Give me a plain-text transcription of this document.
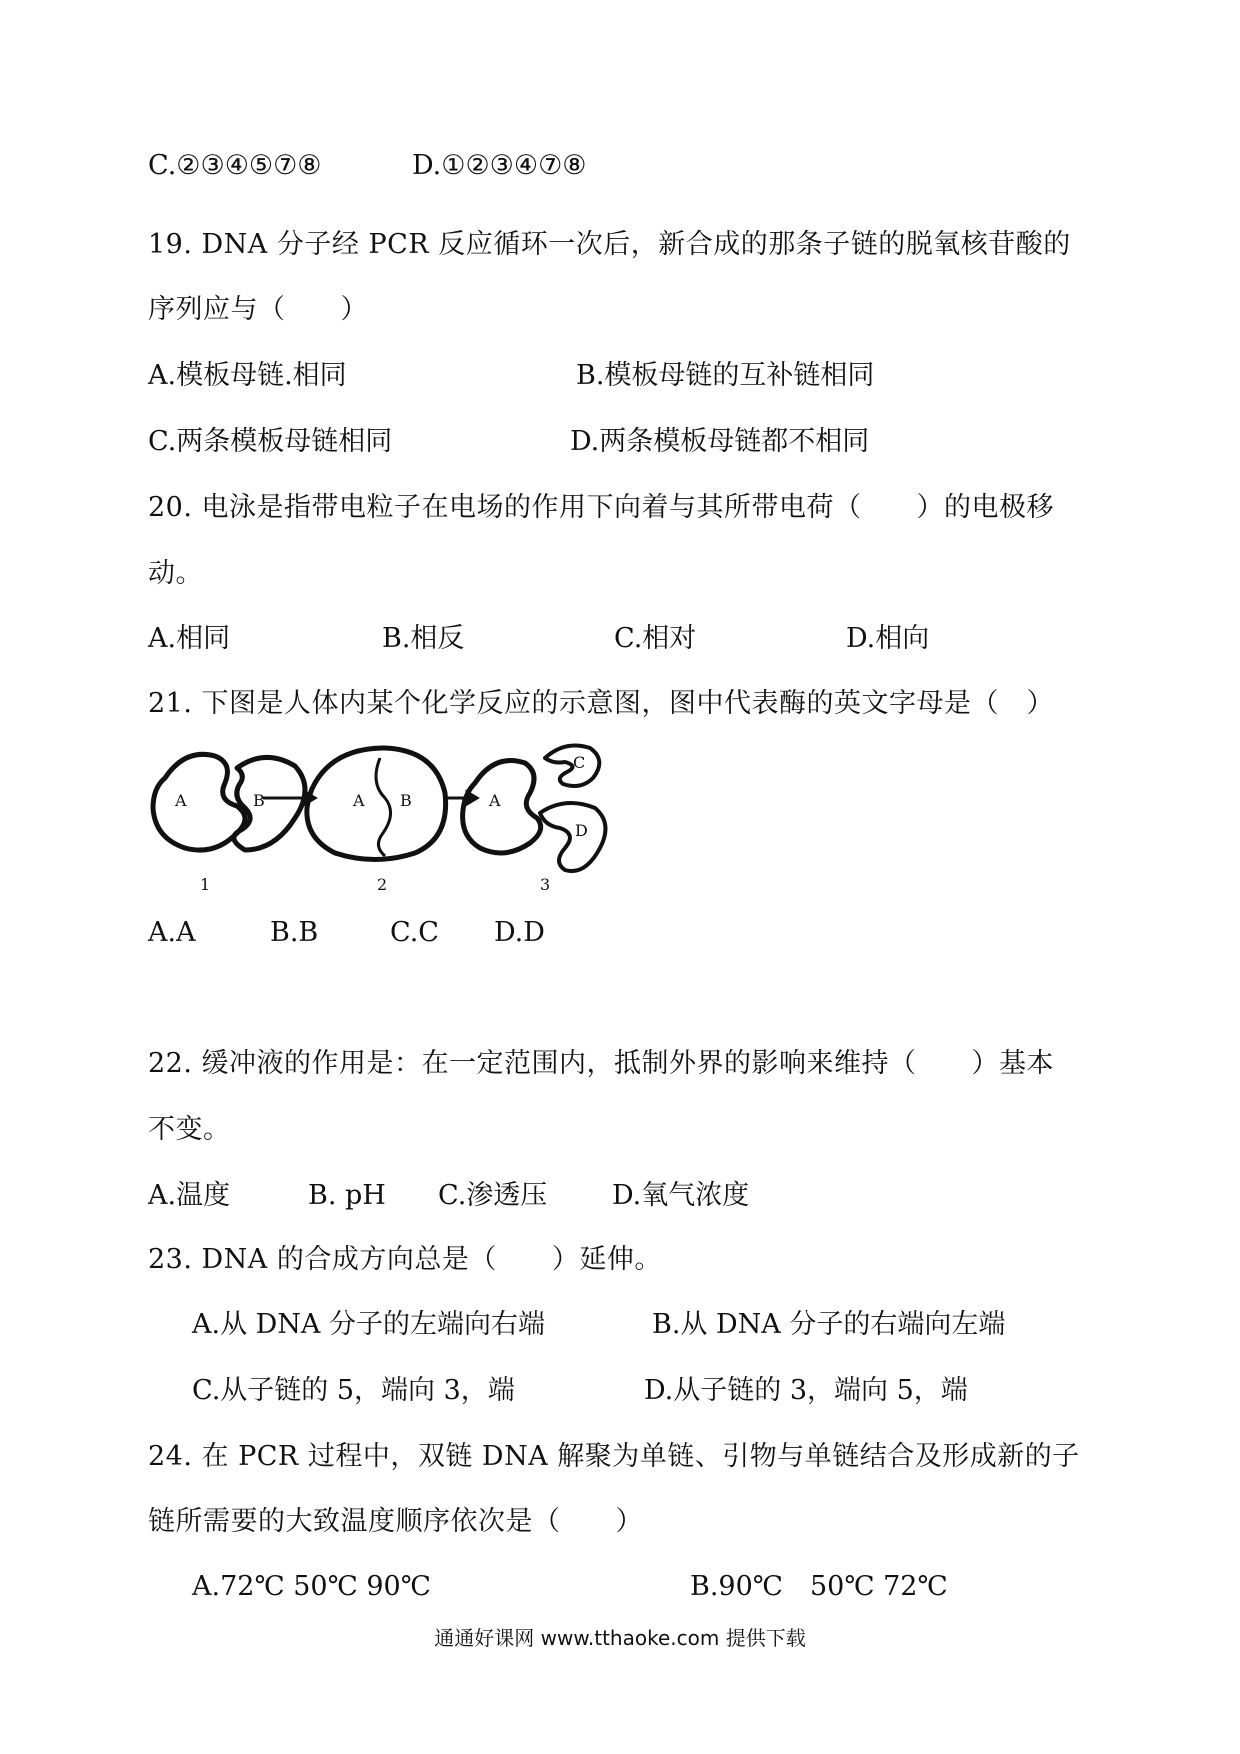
C.②③④⑤⑦⑧	D.①②③④⑦⑧
19. DNA 分子经 PCR 反应循环一次后，新合成的那条子链的脱氧核苷酸的
序列应与（　　）
A.模板母链.相同	B.模板母链的互补链相同
C.两条模板母链相同	D.两条模板母链都不相同
20. 电泳是指带电粒子在电场的作用下向着与其所带电荷（　　）的电极移
动。
A.相同	B.相反	C.相对	D.相向
21. 下图是人体内某个化学反应的示意图，图中代表酶的英文字母是（　）
A	B	A B	A
C
D
1	2	3
A.A	B.B	C.C D.D
22. 缓冲液的作用是：在一定范围内，抵制外界的影响来维持（　　）基本
不变。
A.温度	B. pH C.渗透压 D.氧气浓度
23. DNA 的合成方向总是（　　）延伸。
A.从 DNA 分子的左端向右端	B.从 DNA 分子的右端向左端
C.从子链的 5，端向 3，端	D.从子链的 3，端向 5，端
24. 在 PCR 过程中，双链 DNA 解聚为单链、引物与单链结合及形成新的子
链所需要的大致温度顺序依次是（　　）
A.72℃ 50℃ 90℃	B.90℃　50℃ 72℃
通通好课网 www.tthaoke.com 提供下载
